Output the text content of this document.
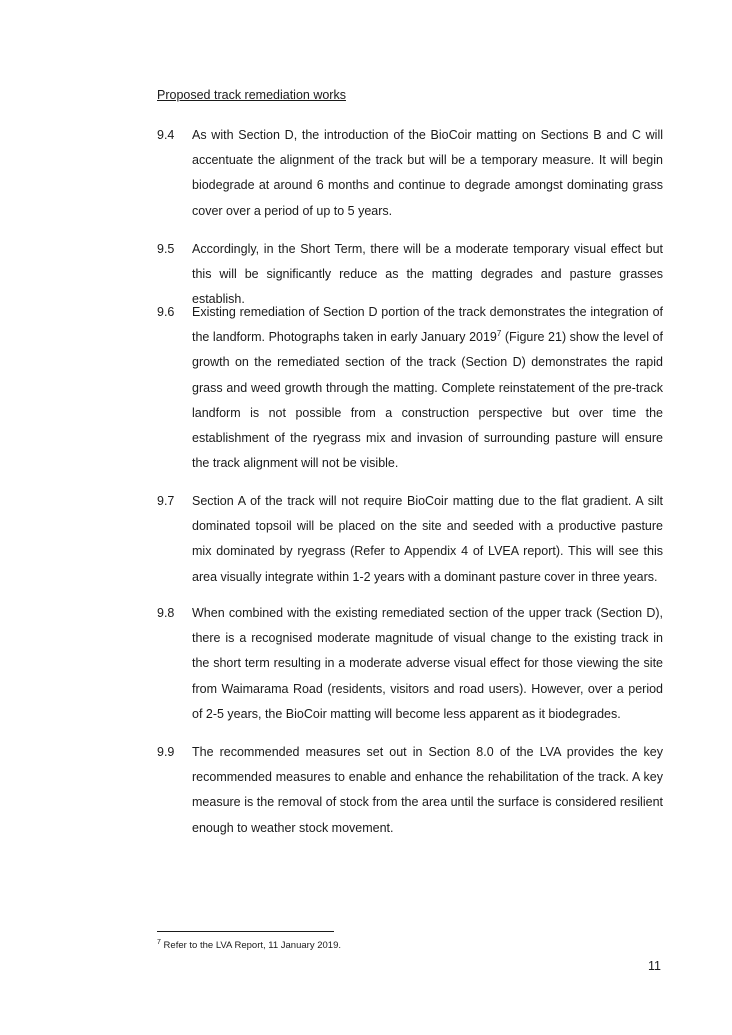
Proposed track remediation works

9.4 As with Section D, the introduction of the BioCoir matting on Sections B and C will accentuate the alignment of the track but will be a temporary measure. It will begin biodegrade at around 6 months and continue to degrade amongst dominating grass cover over a period of up to 5 years.
9.5 Accordingly, in the Short Term, there will be a moderate temporary visual effect but this will be significantly reduce as the matting degrades and pasture grasses establish.
9.6 Existing remediation of Section D portion of the track demonstrates the integration of the landform. Photographs taken in early January 2019$^7$ (Figure 21) show the level of growth on the remediated section of the track (Section D) demonstrates the rapid grass and weed growth through the matting. Complete reinstatement of the pre-track landform is not possible from a construction perspective but over time the establishment of the ryegrass mix and invasion of surrounding pasture will ensure the track alignment will not be visible.
9.7 Section A of the track will not require BioCoir matting due to the flat gradient. A silt dominated topsoil will be placed on the site and seeded with a productive pasture mix dominated by ryegrass (Refer to Appendix 4 of LVEA report). This will see this area visually integrate within 1-2 years with a dominant pasture cover in three years.
9.8 When combined with the existing remediated section of the upper track (Section D), there is a recognised moderate magnitude of visual change to the existing track in the short term resulting in a moderate adverse visual effect for those viewing the site from Waimarama Road (residents, visitors and road users). However, over a period of 2-5 years, the BioCoir matting will become less apparent as it biodegrades.
9.9 The recommended measures set out in Section 8.0 of the LVA provides the key recommended measures to enable and enhance the rehabilitation of the track. A key measure is the removal of stock from the area until the surface is considered resilient enough to weather stock movement.
$^7$ Refer to the LVA Report, 11 January 2019.
11
